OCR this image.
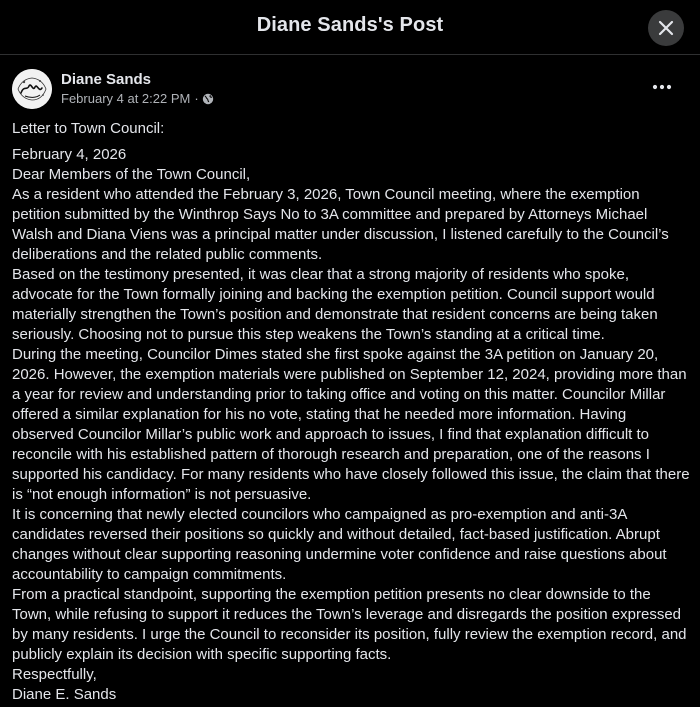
Diane Sands's Post
Diane Sands
February 4 at 2:22 PM ·

Letter to Town Council:

February 4, 2026

Dear Members of the Town Council,

As a resident who attended the February 3, 2026, Town Council meeting, where the exemption petition submitted by the Winthrop Says No to 3A committee and prepared by Attorneys Michael Walsh and Diana Viens was a principal matter under discussion, I listened carefully to the Council’s deliberations and the related public comments.

Based on the testimony presented, it was clear that a strong majority of residents who spoke, advocate for the Town formally joining and backing the exemption petition. Council support would materially strengthen the Town’s position and demonstrate that resident concerns are being taken seriously. Choosing not to pursue this step weakens the Town’s standing at a critical time.

During the meeting, Councilor Dimes stated she first spoke against the 3A petition on January 20, 2026. However, the exemption materials were published on September 12, 2024, providing more than a year for review and understanding prior to taking office and voting on this matter. Councilor Millar offered a similar explanation for his no vote, stating that he needed more information. Having observed Councilor Millar’s public work and approach to issues, I find that explanation difficult to reconcile with his established pattern of thorough research and preparation, one of the reasons I supported his candidacy. For many residents who have closely followed this issue, the claim that there is “not enough information” is not persuasive.

It is concerning that newly elected councilors who campaigned as pro-exemption and anti-3A candidates reversed their positions so quickly and without detailed, fact-based justification. Abrupt changes without clear supporting reasoning undermine voter confidence and raise questions about accountability to campaign commitments.

From a practical standpoint, supporting the exemption petition presents no clear downside to the Town, while refusing to support it reduces the Town’s leverage and disregards the position expressed by many residents. I urge the Council to reconsider its position, fully review the exemption record, and publicly explain its decision with specific supporting facts.

Respectfully,

Diane E. Sands
